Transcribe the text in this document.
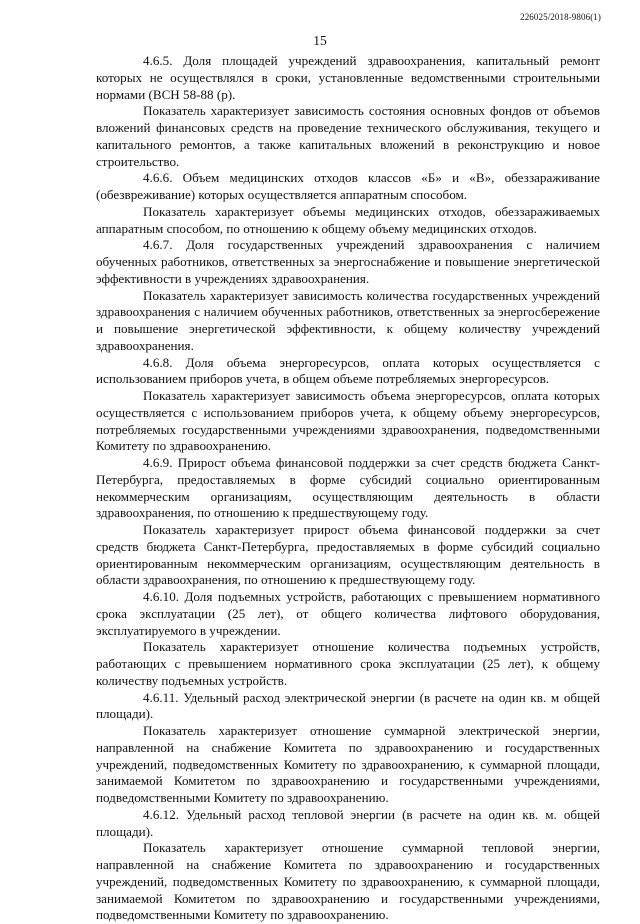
226025/2018-9806(1)
15

4.6.5. Доля площадей учреждений здравоохранения, капитальный ремонт которых не осуществлялся в сроки, установленные ведомственными строительными нормами (ВСН 58-88 (р).

Показатель характеризует зависимость состояния основных фондов от объемов вложений финансовых средств на проведение технического обслуживания, текущего и капитального ремонтов, а также капитальных вложений в реконструкцию и новое строительство.

4.6.6. Объем медицинских отходов классов «Б» и «В», обеззараживание (обезвреживание) которых осуществляется аппаратным способом.

Показатель характеризует объемы медицинских отходов, обеззараживаемых аппаратным способом, по отношению к общему объему медицинских отходов.

4.6.7. Доля государственных учреждений здравоохранения с наличием обученных работников, ответственных за энергоснабжение и повышение энергетической эффективности в учреждениях здравоохранения.

Показатель характеризует зависимость количества государственных учреждений здравоохранения с наличием обученных работников, ответственных за энергосбережение и повышение энергетической эффективности, к общему количеству учреждений здравоохранения.

4.6.8. Доля объема энергоресурсов, оплата которых осуществляется с использованием приборов учета, в общем объеме потребляемых энергоресурсов.

Показатель характеризует зависимость объема энергоресурсов, оплата которых осуществляется с использованием приборов учета, к общему объему энергоресурсов, потребляемых государственными учреждениями здравоохранения, подведомственными Комитету по здравоохранению.

4.6.9. Прирост объема финансовой поддержки за счет средств бюджета Санкт-Петербурга, предоставляемых в форме субсидий социально ориентированным некоммерческим организациям, осуществляющим деятельность в области здравоохранения, по отношению к предшествующему году.

Показатель характеризует прирост объема финансовой поддержки за счет средств бюджета Санкт-Петербурга, предоставляемых в форме субсидий социально ориентированным некоммерческим организациям, осуществляющим деятельность в области здравоохранения, по отношению к предшествующему году.

4.6.10. Доля подъемных устройств, работающих с превышением нормативного срока эксплуатации (25 лет), от общего количества лифтового оборудования, эксплуатируемого в учреждении.

Показатель характеризует отношение количества подъемных устройств, работающих с превышением нормативного срока эксплуатации (25 лет), к общему количеству подъемных устройств.

4.6.11. Удельный расход электрической энергии (в расчете на один кв. м общей площади).

Показатель характеризует отношение суммарной электрической энергии, направленной на снабжение Комитета по здравоохранению и государственных учреждений, подведомственных Комитету по здравоохранению, к суммарной площади, занимаемой Комитетом по здравоохранению и государственными учреждениями, подведомственными Комитету по здравоохранению.

4.6.12. Удельный расход тепловой энергии (в расчете на один кв. м. общей площади).

Показатель характеризует отношение суммарной тепловой энергии, направленной на снабжение Комитета по здравоохранению и государственных учреждений, подведомственных Комитету по здравоохранению, к суммарной площади, занимаемой Комитетом по здравоохранению и государственными учреждениями, подведомственными Комитету по здравоохранению.
